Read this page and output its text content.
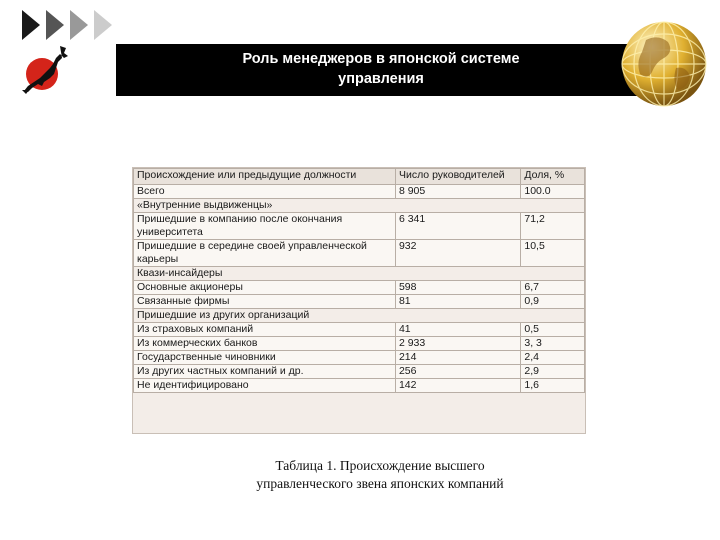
Роль менеджеров в японской системе
управления
Происхождение или предыдущие должности	Число руководителей	Доля, %
Всего	8 905	100.0
«Внутренние выдвиженцы»		
Пришедшие в компанию после окончания университета	6 341	71,2
Пришедшие в середине своей управленческой карьеры	932	10,5
Квази-инсайдеры		
Основные акционеры	598	6,7
Связанные фирмы	81	0,9
Пришедшие из других организаций		
Из страховых компаний	41	0,5
Из коммерческих банков	2 933	3, 3
Государственные чиновники	214	2,4
Из других частных компаний и др.	256	2,9
Не идентифицировано	142	1,6
Таблица 1. Происхождение высшего
управленческого звена японских компаний
